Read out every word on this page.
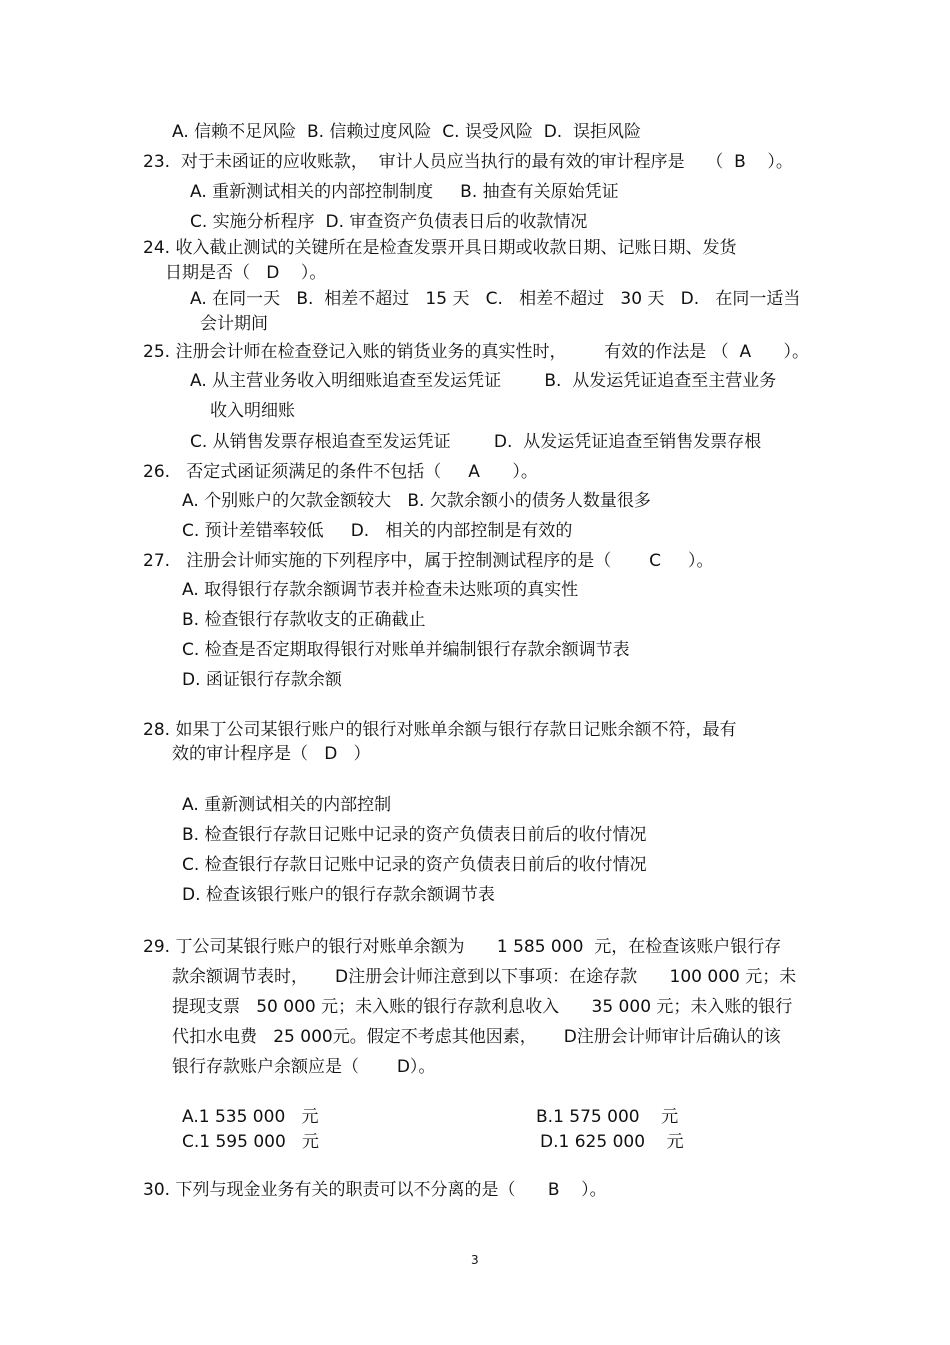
A. 信赖不足风险  B. 信赖过度风险  C. 误受风险  D.  误拒风险
23.  对于未函证的应收账款，  审计人员应当执行的最有效的审计程序是    （  B    ）。
A. 重新测试相关的内部控制制度     B. 抽查有关原始凭证
C. 实施分析程序  D. 审查资产负债表日后的收款情况
24. 收入截止测试的关键所在是检查发票开具日期或收款日期、记账日期、发货
日期是否（   D    ）。
A. 在同一天   B.  相差不超过   15 天   C.   相差不超过   30 天   D.   在同一适当
会计期间
25. 注册会计师在检查登记入账的销货业务的真实性时，       有效的作法是 （  A      ）。
A. 从主营业务收入明细账追查至发运凭证        B.  从发运凭证追查至主营业务
收入明细账
C. 从销售发票存根追查至发运凭证        D.  从发运凭证追查至销售发票存根
26.   否定式函证须满足的条件不包括（     A      ）。
A. 个别账户的欠款金额较大   B. 欠款余额小的债务人数量很多
C. 预计差错率较低     D.   相关的内部控制是有效的
27.   注册会计师实施的下列程序中，属于控制测试程序的是（       C     ）。
A. 取得银行存款余额调节表并检查未达账项的真实性
B. 检查银行存款收支的正确截止
C. 检查是否定期取得银行对账单并编制银行存款余额调节表
D. 函证银行存款余额
28. 如果丁公司某银行账户的银行对账单余额与银行存款日记账余额不符，最有
效的审计程序是（   D   ）
A. 重新测试相关的内部控制
B. 检查银行存款日记账中记录的资产负债表日前后的收付情况
C. 检查银行存款日记账中记录的资产负债表日前后的收付情况
D. 检查该银行账户的银行存款余额调节表
29. 丁公司某银行账户的银行对账单余额为      1 585 000  元，在检查该账户银行存
款余额调节表时，     D注册会计师注意到以下事项：在途存款      100 000 元；未
提现支票   50 000 元；未入账的银行存款利息收入      35 000 元；未入账的银行
代扣水电费   25 000元。假定不考虑其他因素，     D注册会计师审计后确认的该
银行存款账户余额应是（       D）。
A.1 535 000   元	B.1 575 000    元
C.1 595 000   元	D.1 625 000    元
30. 下列与现金业务有关的职责可以不分离的是（      B    ）。
3
